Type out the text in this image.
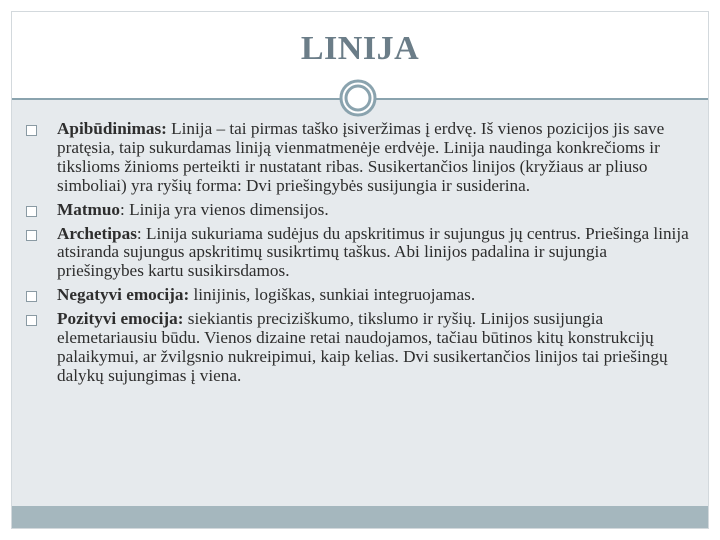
LINIJA

Apibūdinimas: Linija – tai pirmas taško įsiveržimas į erdvę. Iš vienos pozicijos jis save pratęsia, taip sukurdamas liniją vienmatmenėje erdvėje. Linija naudinga konkrečioms ir tikslioms žinioms perteikti ir nustatant ribas. Susikertančios linijos (kryžiaus ar pliuso simboliai) yra ryšių forma: Dvi priešingybės susijungia ir susiderina.

Matmuo: Linija yra vienos dimensijos.

Archetipas: Linija sukuriama sudėjus du apskritimus ir sujungus jų centrus. Priešinga linija atsiranda sujungus apskritimų susikrtimų taškus. Abi linijos padalina ir sujungia priešingybes kartu susikirsdamos.

Negatyvi emocija: linijinis, logiškas, sunkiai integruojamas.

Pozityvi emocija: siekiantis preciziškumo, tikslumo ir ryšių. Linijos susijungia elemetariausiu būdu. Vienos dizaine retai naudojamos, tačiau būtinos kitų konstrukcijų palaikymui, ar žvilgsnio nukreipimui, kaip kelias. Dvi susikertančios linijos tai priešingų dalykų sujungimas į viena.
